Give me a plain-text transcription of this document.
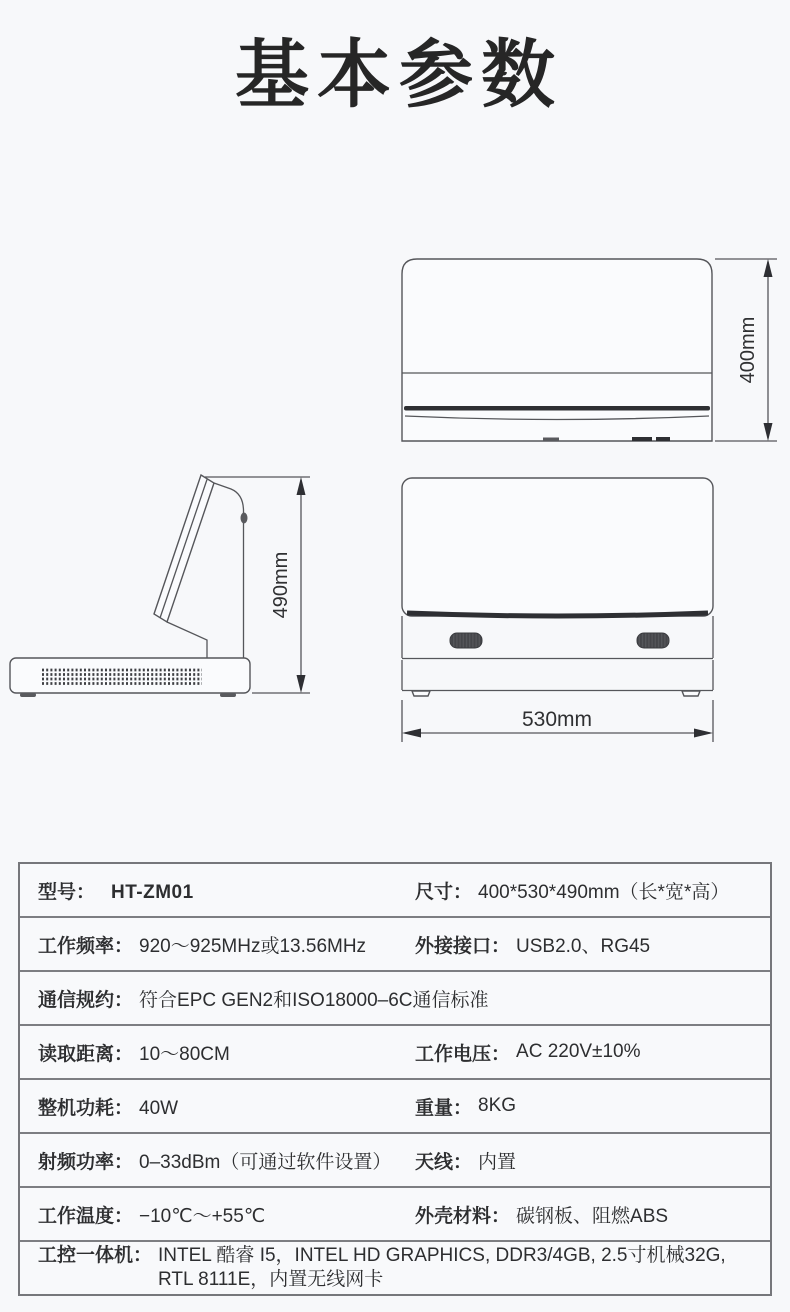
基本参数
400mm
490mm
530mm
型号： HT-ZM01	尺寸： 400*530*490mm（长*宽*高）
工作频率： 920～925MHz或13.56MHz	外接接口： USB2.0、RG45
通信规约： 符合EPC GEN2和ISO18000–6C通信标准
读取距离： 10～80CM	工作电压： AC 220V±10%
整机功耗： 40W	重量： 8KG
射频功率： 0–33dBm（可通过软件设置） 天线： 内置
工作温度： −10℃～+55℃	外壳材料： 碳钢板、阻燃ABS
工控一体机： INTEL 酷睿 I5，INTEL HD GRAPHICS, DDR3/4GB, 2.5寸机械32G, RTL 8111E，内置无线网卡
